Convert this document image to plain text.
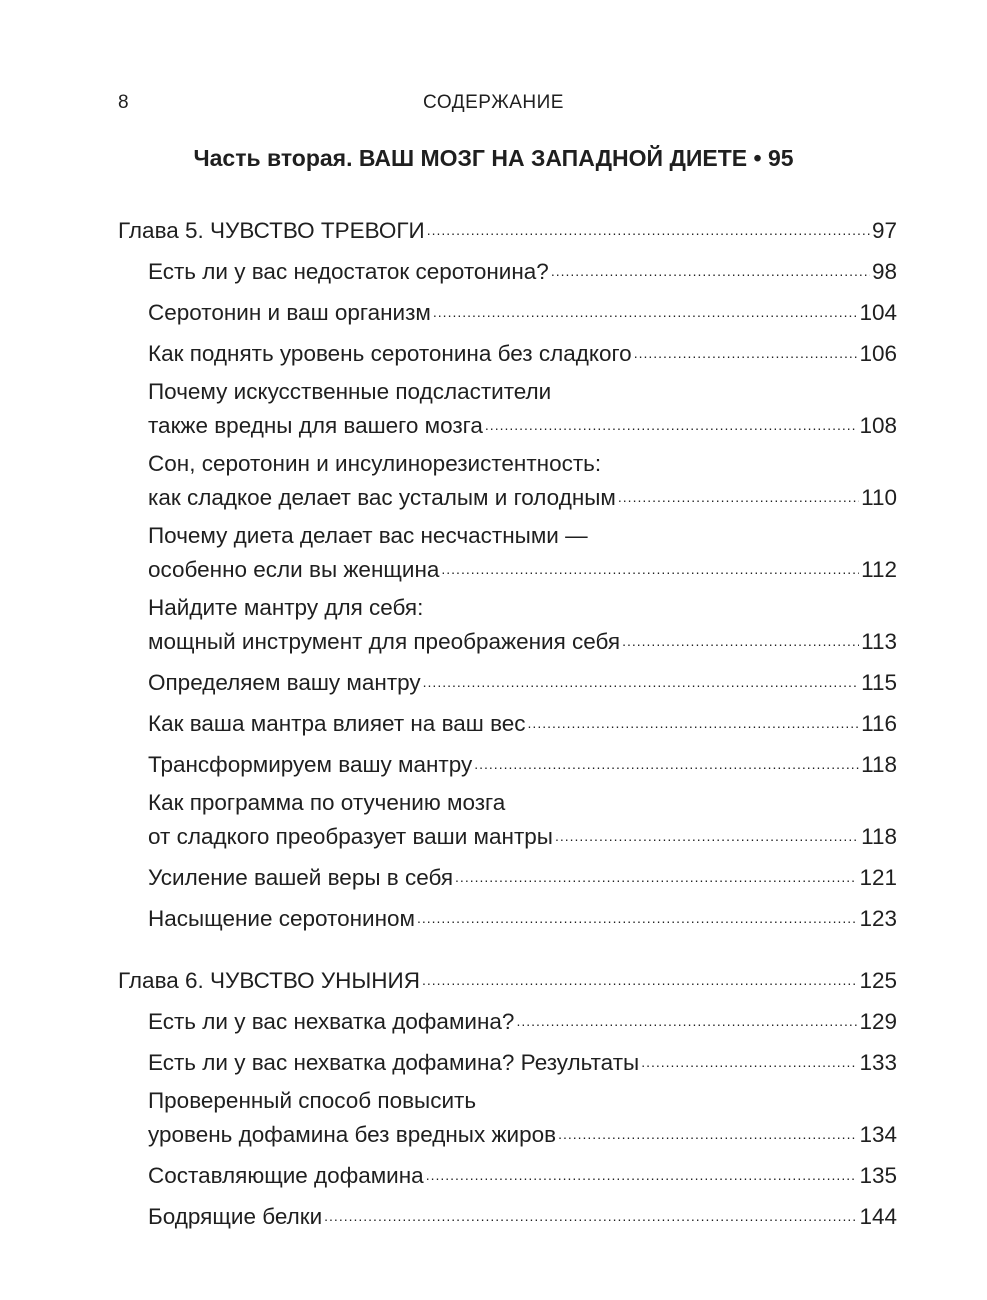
8	СОДЕРЖАНИЕ
Часть вторая. ВАШ МОЗГ НА ЗАПАДНОЙ ДИЕТЕ • 95
Глава 5. ЧУВСТВО ТРЕВОГИ .....	97
Есть ли у вас недостаток серотонина? .....	98
Серотонин и ваш организм .....	104
Как поднять уровень серотонина без сладкого .....	106
Почему искусственные подсластители
также вредны для вашего мозга .....	108
Сон, серотонин и инсулинорезистентность:
как сладкое делает вас усталым и голодным .....	110
Почему диета делает вас несчастными —
особенно если вы женщина .....	112
Найдите мантру для себя:
мощный инструмент для преображения себя .....	113
Определяем вашу мантру .....	115
Как ваша мантра влияет на ваш вес .....	116
Трансформируем вашу мантру .....	118
Как программа по отучению мозга
от сладкого преобразует ваши мантры .....	118
Усиление вашей веры в себя .....	121
Насыщение серотонином .....	123
Глава 6. ЧУВСТВО УНЫНИЯ .....	125
Есть ли у вас нехватка дофамина? .....	129
Есть ли у вас нехватка дофамина? Результаты .....	133
Проверенный способ повысить
уровень дофамина без вредных жиров .....	134
Составляющие дофамина .....	135
Бодрящие белки .....	144
